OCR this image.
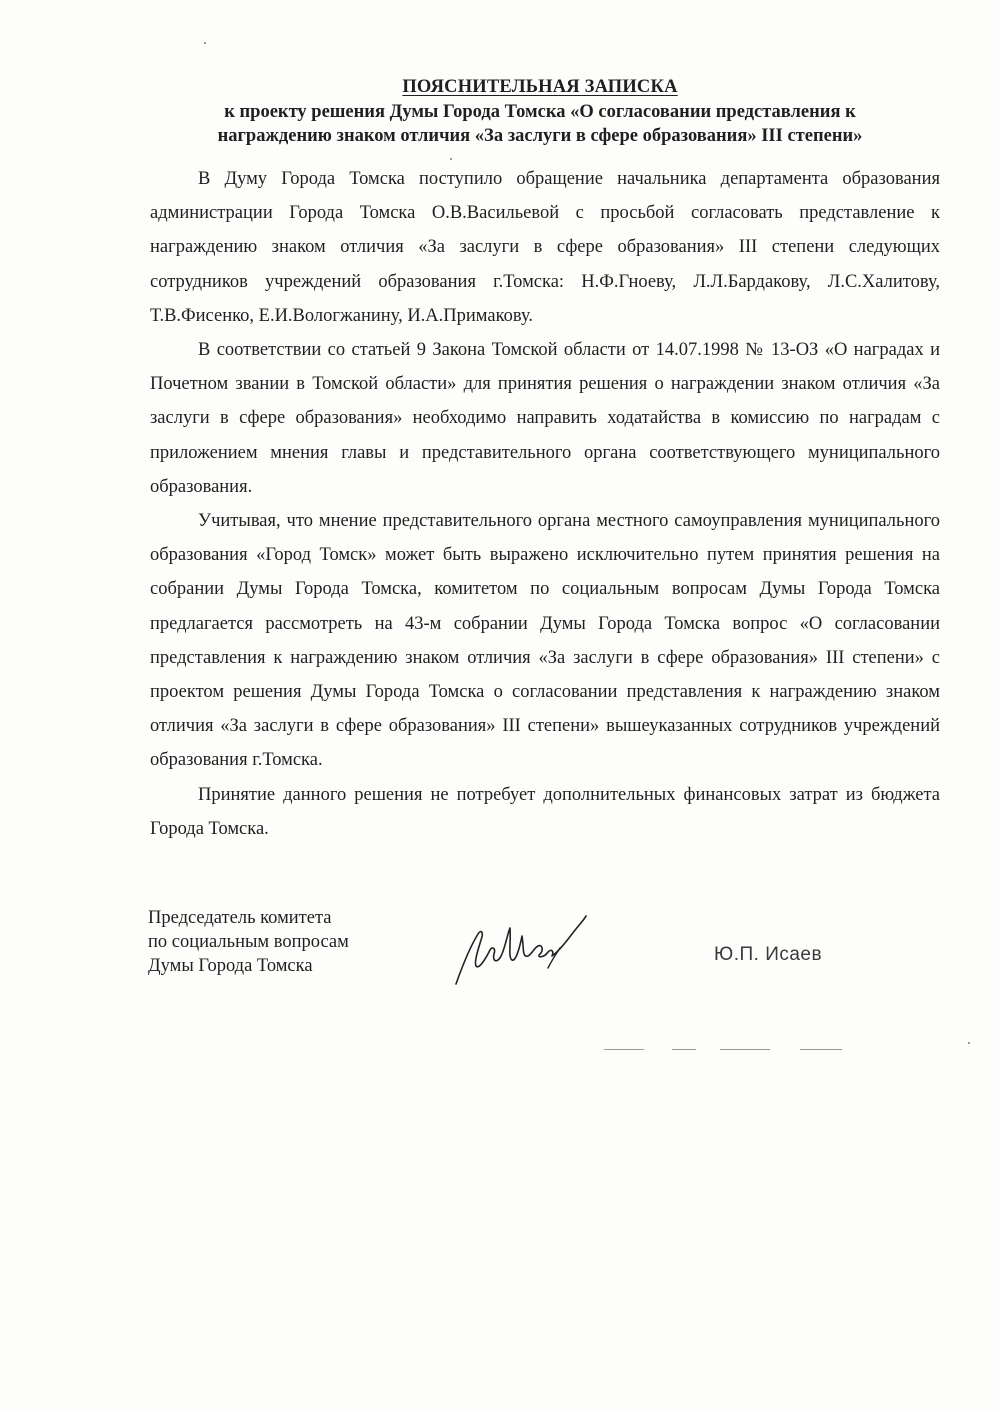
ПОЯСНИТЕЛЬНАЯ ЗАПИСКА
к проекту решения Думы Города Томска «О согласовании представления к
награждению знаком отличия «За заслуги в сфере образования» III степени»

В Думу Города Томска поступило обращение начальника департамента образования администрации Города Томска О.В.Васильевой с просьбой согласовать представление к награждению знаком отличия «За заслуги в сфере образования» III степени следующих сотрудников учреждений образования г.Томска: Н.Ф.Гноеву, Л.Л.Бардакову, Л.С.Халитову, Т.В.Фисенко, Е.И.Вологжанину, И.А.Примакову.

В соответствии со статьей 9 Закона Томской области от 14.07.1998 № 13-ОЗ «О наградах и Почетном звании в Томской области» для принятия решения о награждении знаком отличия «За заслуги в сфере образования» необходимо направить ходатайства в комиссию по наградам с приложением мнения главы и представительного органа соответствующего муниципального образования.

Учитывая, что мнение представительного органа местного самоуправления муниципального образования «Город Томск» может быть выражено исключительно путем принятия решения на собрании Думы Города Томска, комитетом по социальным вопросам Думы Города Томска предлагается рассмотреть на 43-м собрании Думы Города Томска вопрос «О согласовании представления к награждению знаком отличия «За заслуги в сфере образования» III степени» с проектом решения Думы Города Томска о согласовании представления к награждению знаком отличия «За заслуги в сфере образования» III степени» вышеуказанных сотрудников учреждений образования г.Томска.

Принятие данного решения не потребует дополнительных финансовых затрат из бюджета Города Томска.

Председатель комитета
по социальным вопросам
Думы Города Томска
Ю.П. Исаев
